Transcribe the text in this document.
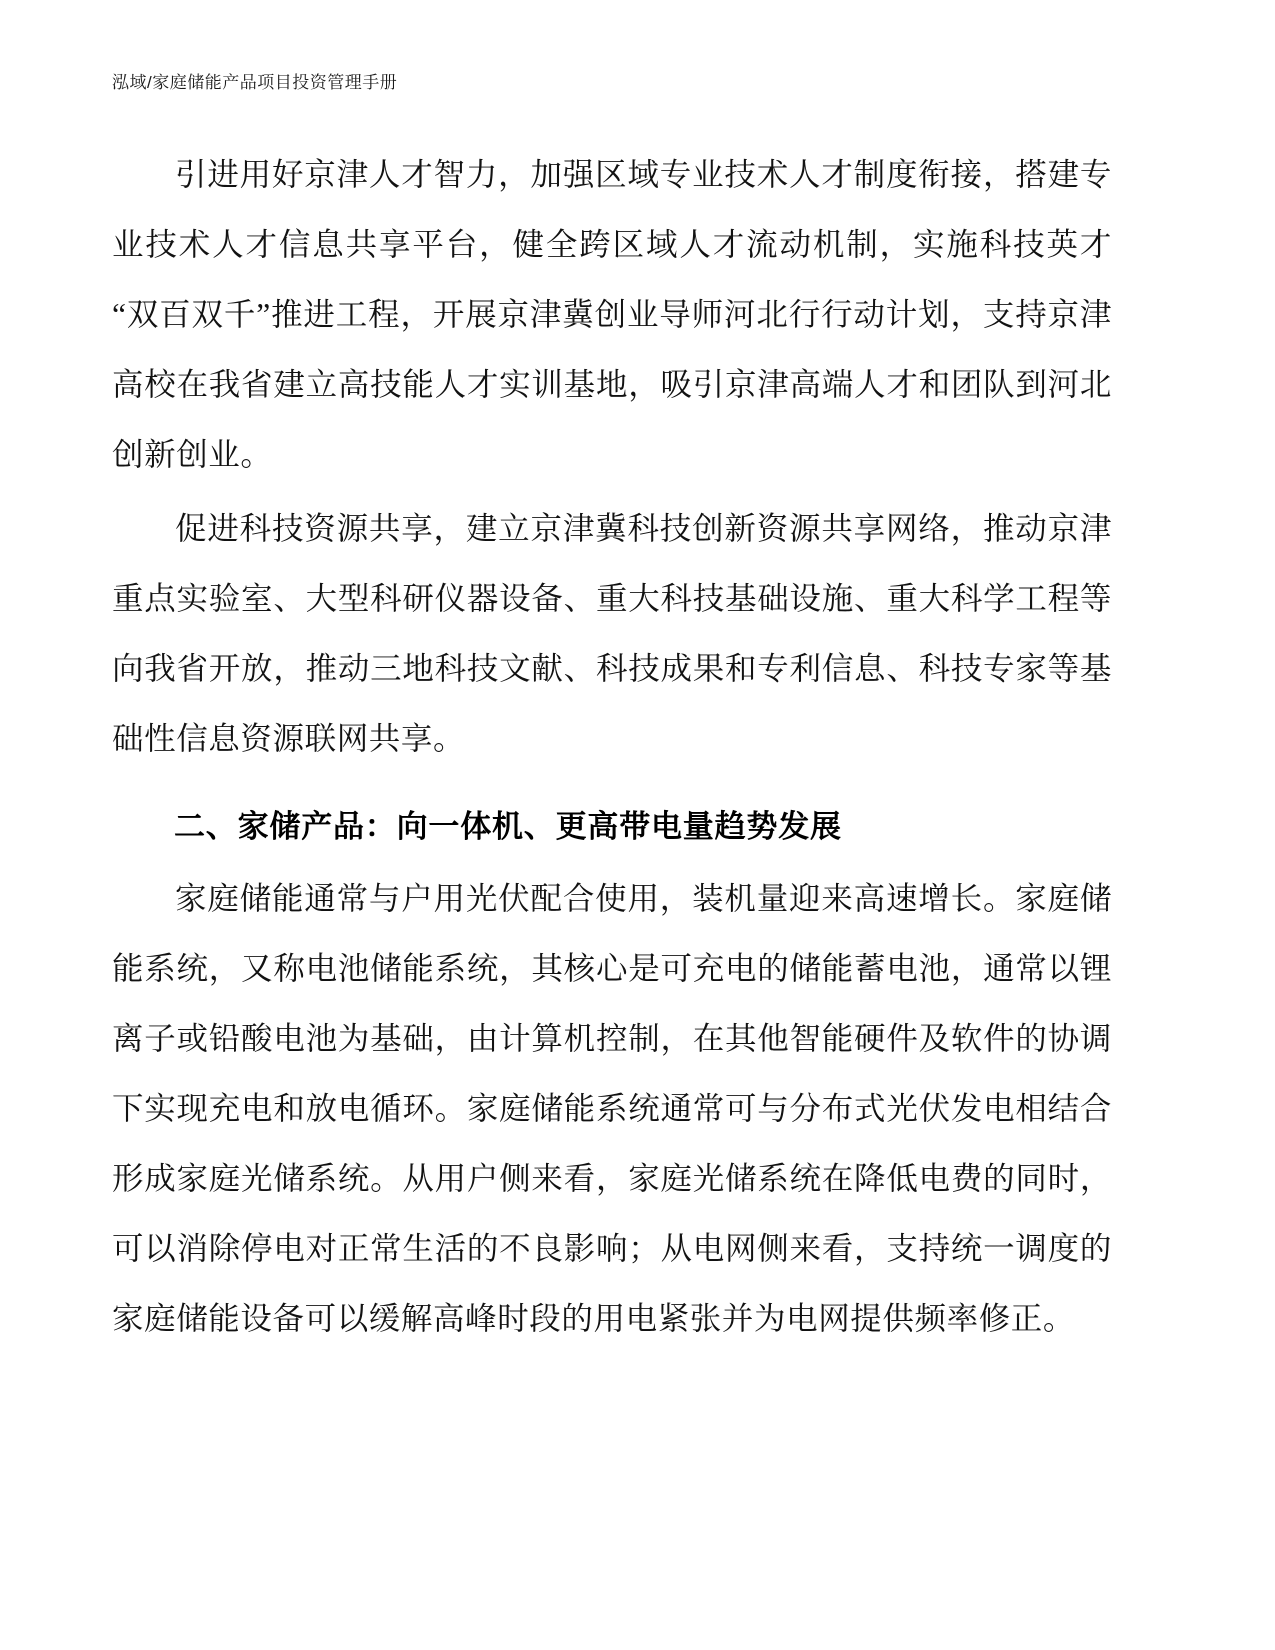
泓域/家庭储能产品项目投资管理手册

引进用好京津人才智力，加强区域专业技术人才制度衔接，搭建专业技术人才信息共享平台，健全跨区域人才流动机制，实施科技英才“双百双千”推进工程，开展京津冀创业导师河北行行动计划，支持京津高校在我省建立高技能人才实训基地，吸引京津高端人才和团队到河北创新创业。

促进科技资源共享，建立京津冀科技创新资源共享网络，推动京津重点实验室、大型科研仪器设备、重大科技基础设施、重大科学工程等向我省开放，推动三地科技文献、科技成果和专利信息、科技专家等基础性信息资源联网共享。

二、家储产品：向一体机、更高带电量趋势发展

家庭储能通常与户用光伏配合使用，装机量迎来高速增长。家庭储能系统，又称电池储能系统，其核心是可充电的储能蓄电池，通常以锂离子或铅酸电池为基础，由计算机控制，在其他智能硬件及软件的协调下实现充电和放电循环。家庭储能系统通常可与分布式光伏发电相结合形成家庭光储系统。从用户侧来看，家庭光储系统在降低电费的同时，可以消除停电对正常生活的不良影响；从电网侧来看，支持统一调度的家庭储能设备可以缓解高峰时段的用电紧张并为电网提供频率修正。
